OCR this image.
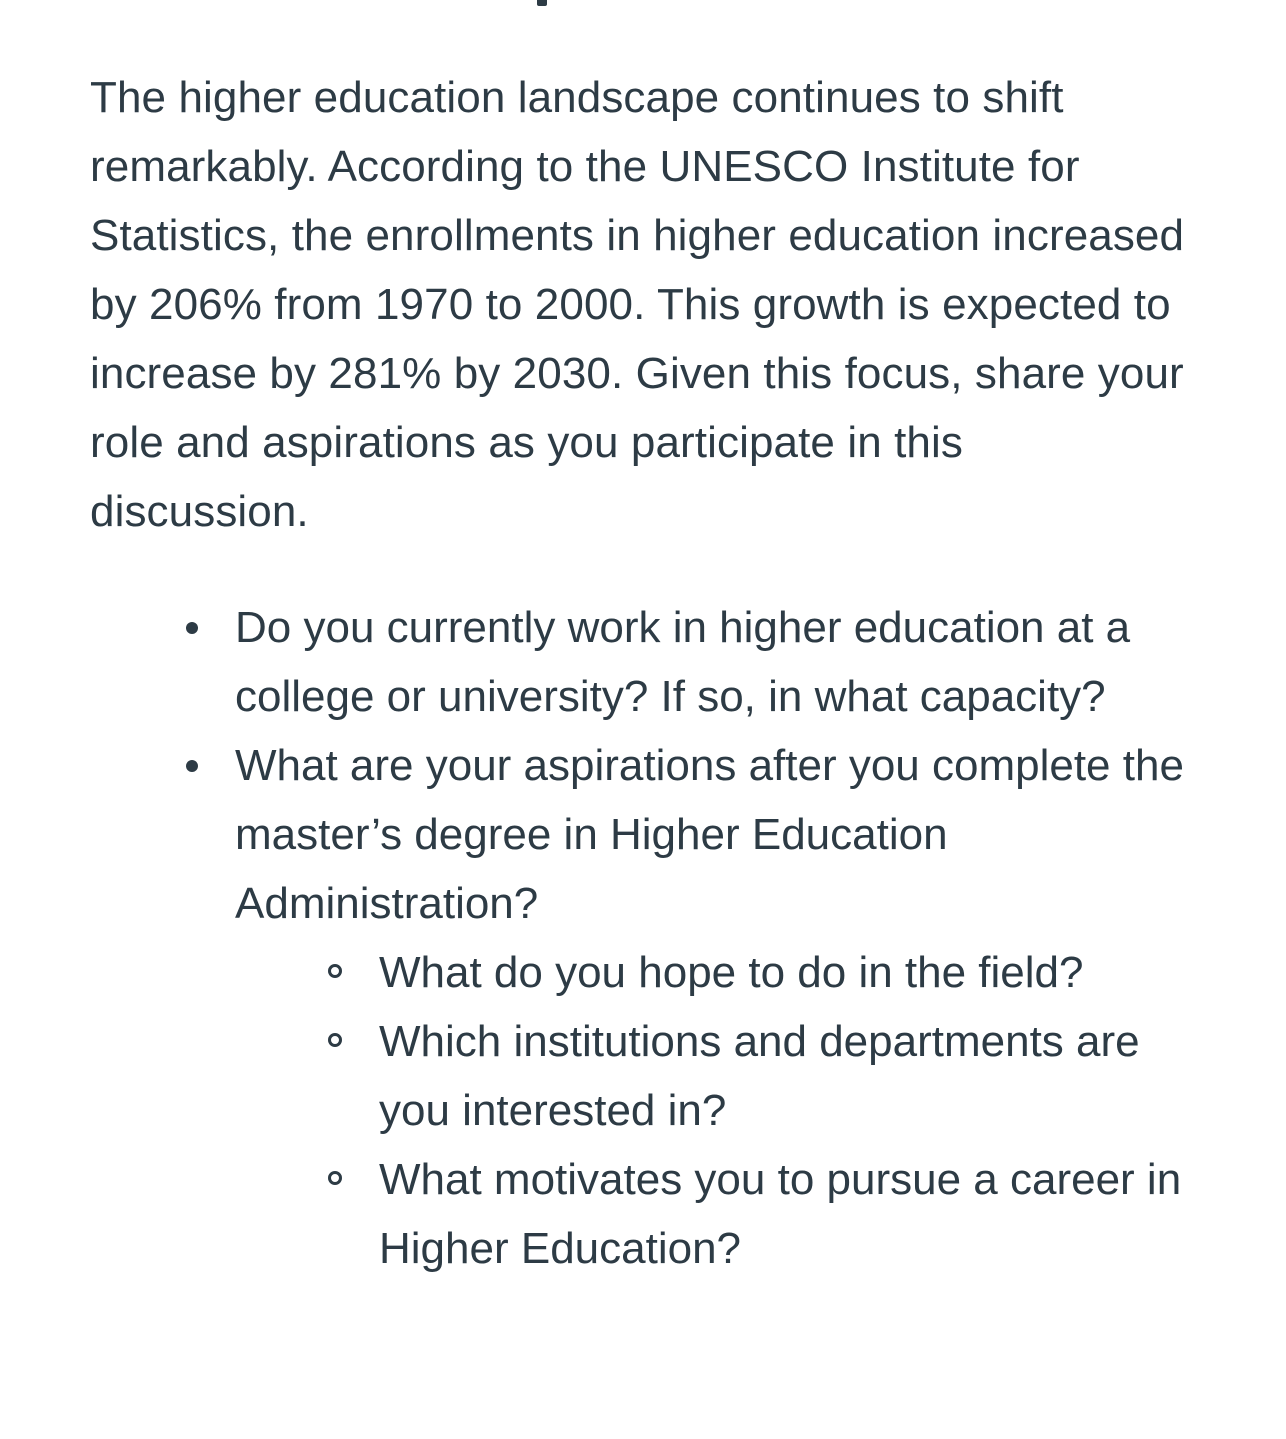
The higher education landscape continues to shift remarkably. According to the UNESCO Institute for Statistics, the enrollments in higher education increased by 206% from 1970 to 2000. This growth is expected to increase by 281% by 2030. Given this focus, share your role and aspirations as you participate in this discussion.

Do you currently work in higher education at a college or university? If so, in what capacity?
What are your aspirations after you complete the master’s degree in Higher Education Administration?
What do you hope to do in the field?
Which institutions and departments are you interested in?
What motivates you to pursue a career in Higher Education?
